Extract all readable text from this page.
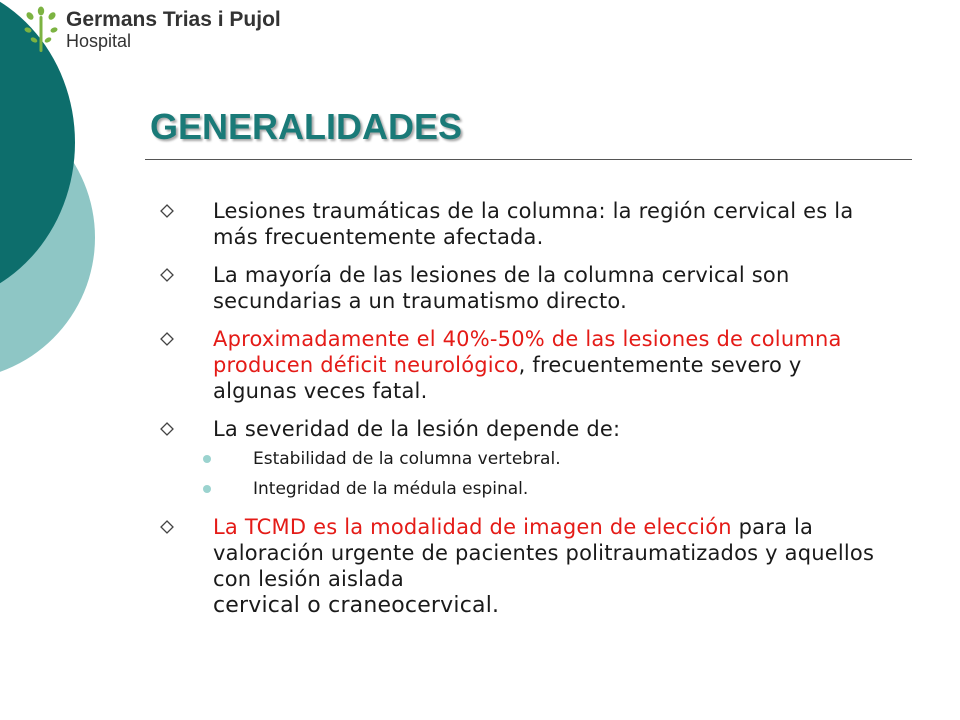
Germans Trias i Pujol
Hospital
GENERALIDADES
Lesiones traumáticas de la columna: la región cervical es la más frecuentemente afectada.
La mayoría de las lesiones de la columna cervical son secundarias a un traumatismo directo.
Aproximadamente el 40%-50% de las lesiones de columna producen déficit neurológico, frecuentemente severo y algunas veces fatal.
La severidad de la lesión depende de:
Estabilidad de la columna vertebral.
Integridad de la médula espinal.
La TCMD es la modalidad de imagen de elección para la valoración urgente de pacientes politraumatizados y aquellos con lesión aislada
cervical o craneocervical.
